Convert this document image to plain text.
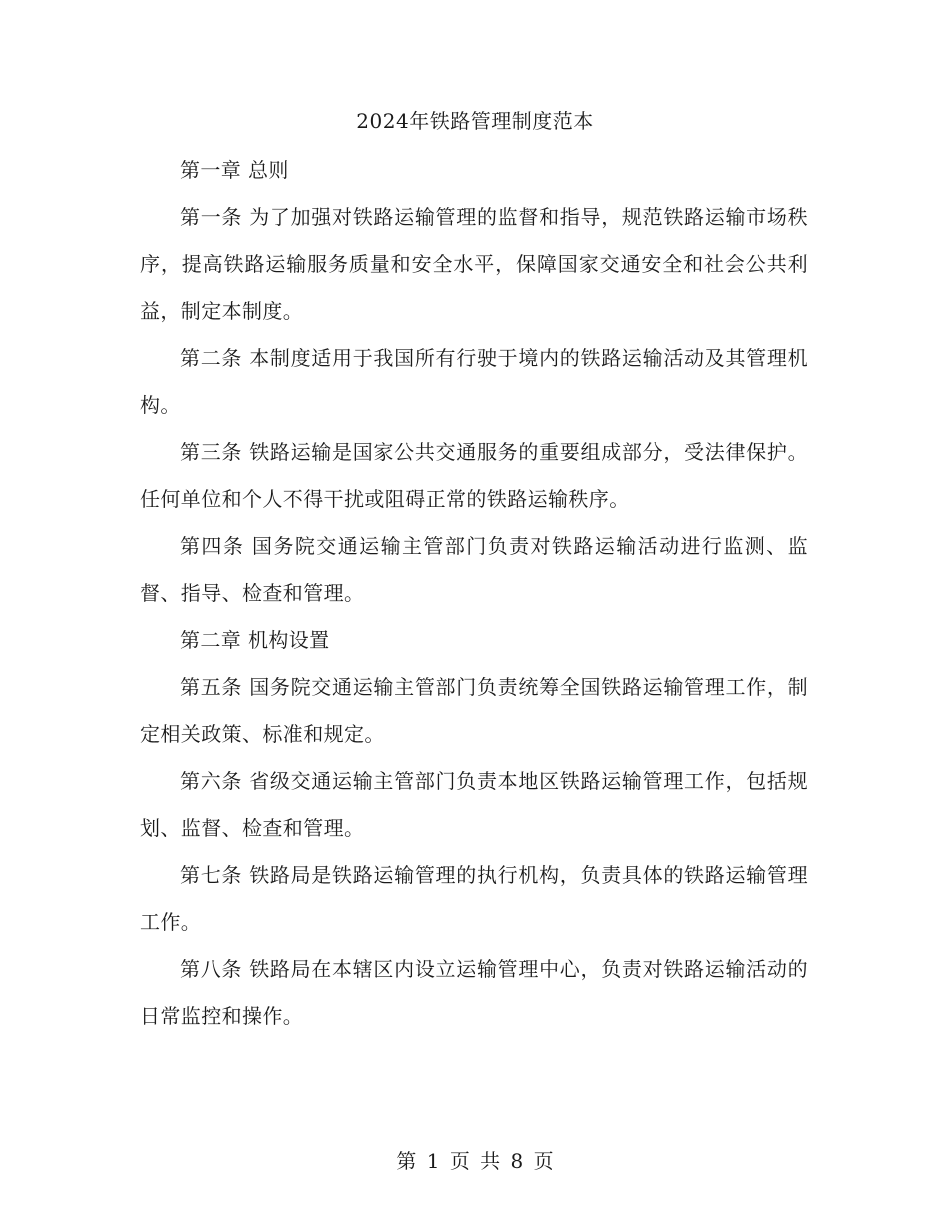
2024年铁路管理制度范本

第一章 总则

第一条 为了加强对铁路运输管理的监督和指导，规范铁路运输市场秩序，提高铁路运输服务质量和安全水平，保障国家交通安全和社会公共利益，制定本制度。

第二条 本制度适用于我国所有行驶于境内的铁路运输活动及其管理机构。

第三条 铁路运输是国家公共交通服务的重要组成部分，受法律保护。任何单位和个人不得干扰或阻碍正常的铁路运输秩序。

第四条 国务院交通运输主管部门负责对铁路运输活动进行监测、监督、指导、检查和管理。

第二章 机构设置

第五条 国务院交通运输主管部门负责统筹全国铁路运输管理工作，制定相关政策、标准和规定。

第六条 省级交通运输主管部门负责本地区铁路运输管理工作，包括规划、监督、检查和管理。

第七条 铁路局是铁路运输管理的执行机构，负责具体的铁路运输管理工作。

第八条 铁路局在本辖区内设立运输管理中心，负责对铁路运输活动的日常监控和操作。

第 1 页 共 8 页
